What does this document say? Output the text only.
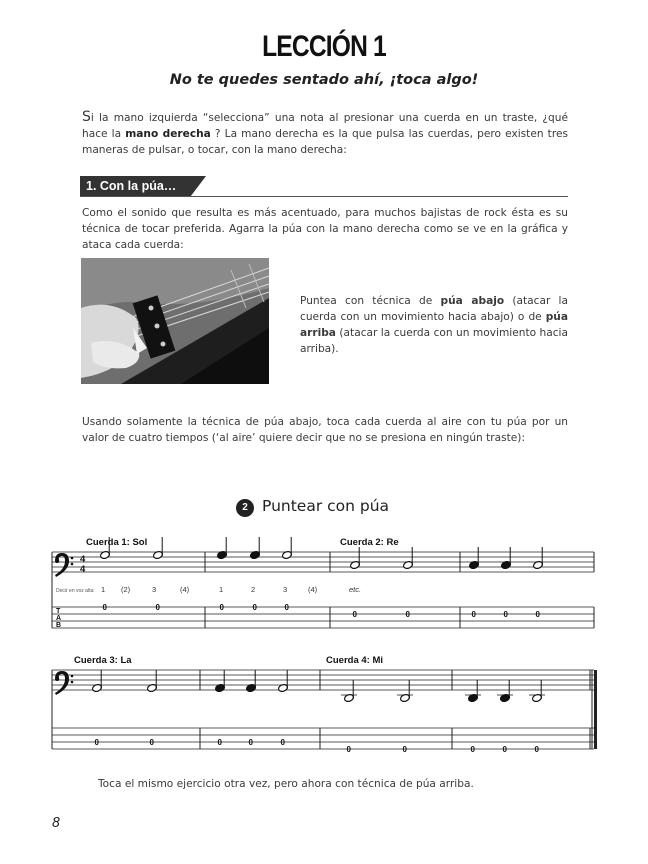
LECCIÓN 1
No te quedes sentado ahí, ¡toca algo!

Si la mano izquierda “selecciona” una nota al presionar una cuerda en un traste, ¿qué hace la mano derecha ? La mano derecha es la que pulsa las cuerdas, pero existen tres maneras de pulsar, o tocar, con la mano derecha:

1. Con la púa…

Como el sonido que resulta es más acentuado, para muchos bajistas de rock ésta es su técnica de tocar preferida. Agarra la púa con la mano derecha como se ve en la gráfica y ataca cada cuerda:

Puntea con técnica de púa abajo (atacar la cuerda con un movimiento hacia abajo) o de púa arriba (atacar la cuerda con un movimiento hacia arriba).

Usando solamente la técnica de púa abajo, toca cada cuerda al aire con tu púa por un valor de cuatro tiempos (‘al aire’ quiere decir que no se presiona en ningún traste):

2 Puntear con púa
4
4
T
A
B
Cuerda 1: Sol	Cuerda 2: Re
Cuerda 3: La	Cuerda 4: Mi
Decir en voz alta: 1 (2)	3	(4)	1	2	3	(4)	etc.
0	0	0	0	0
0	0	0	0	0
0	0	0	0	0
0	0	0	0	0
Toca el mismo ejercicio otra vez, pero ahora con técnica de púa arriba.
8
